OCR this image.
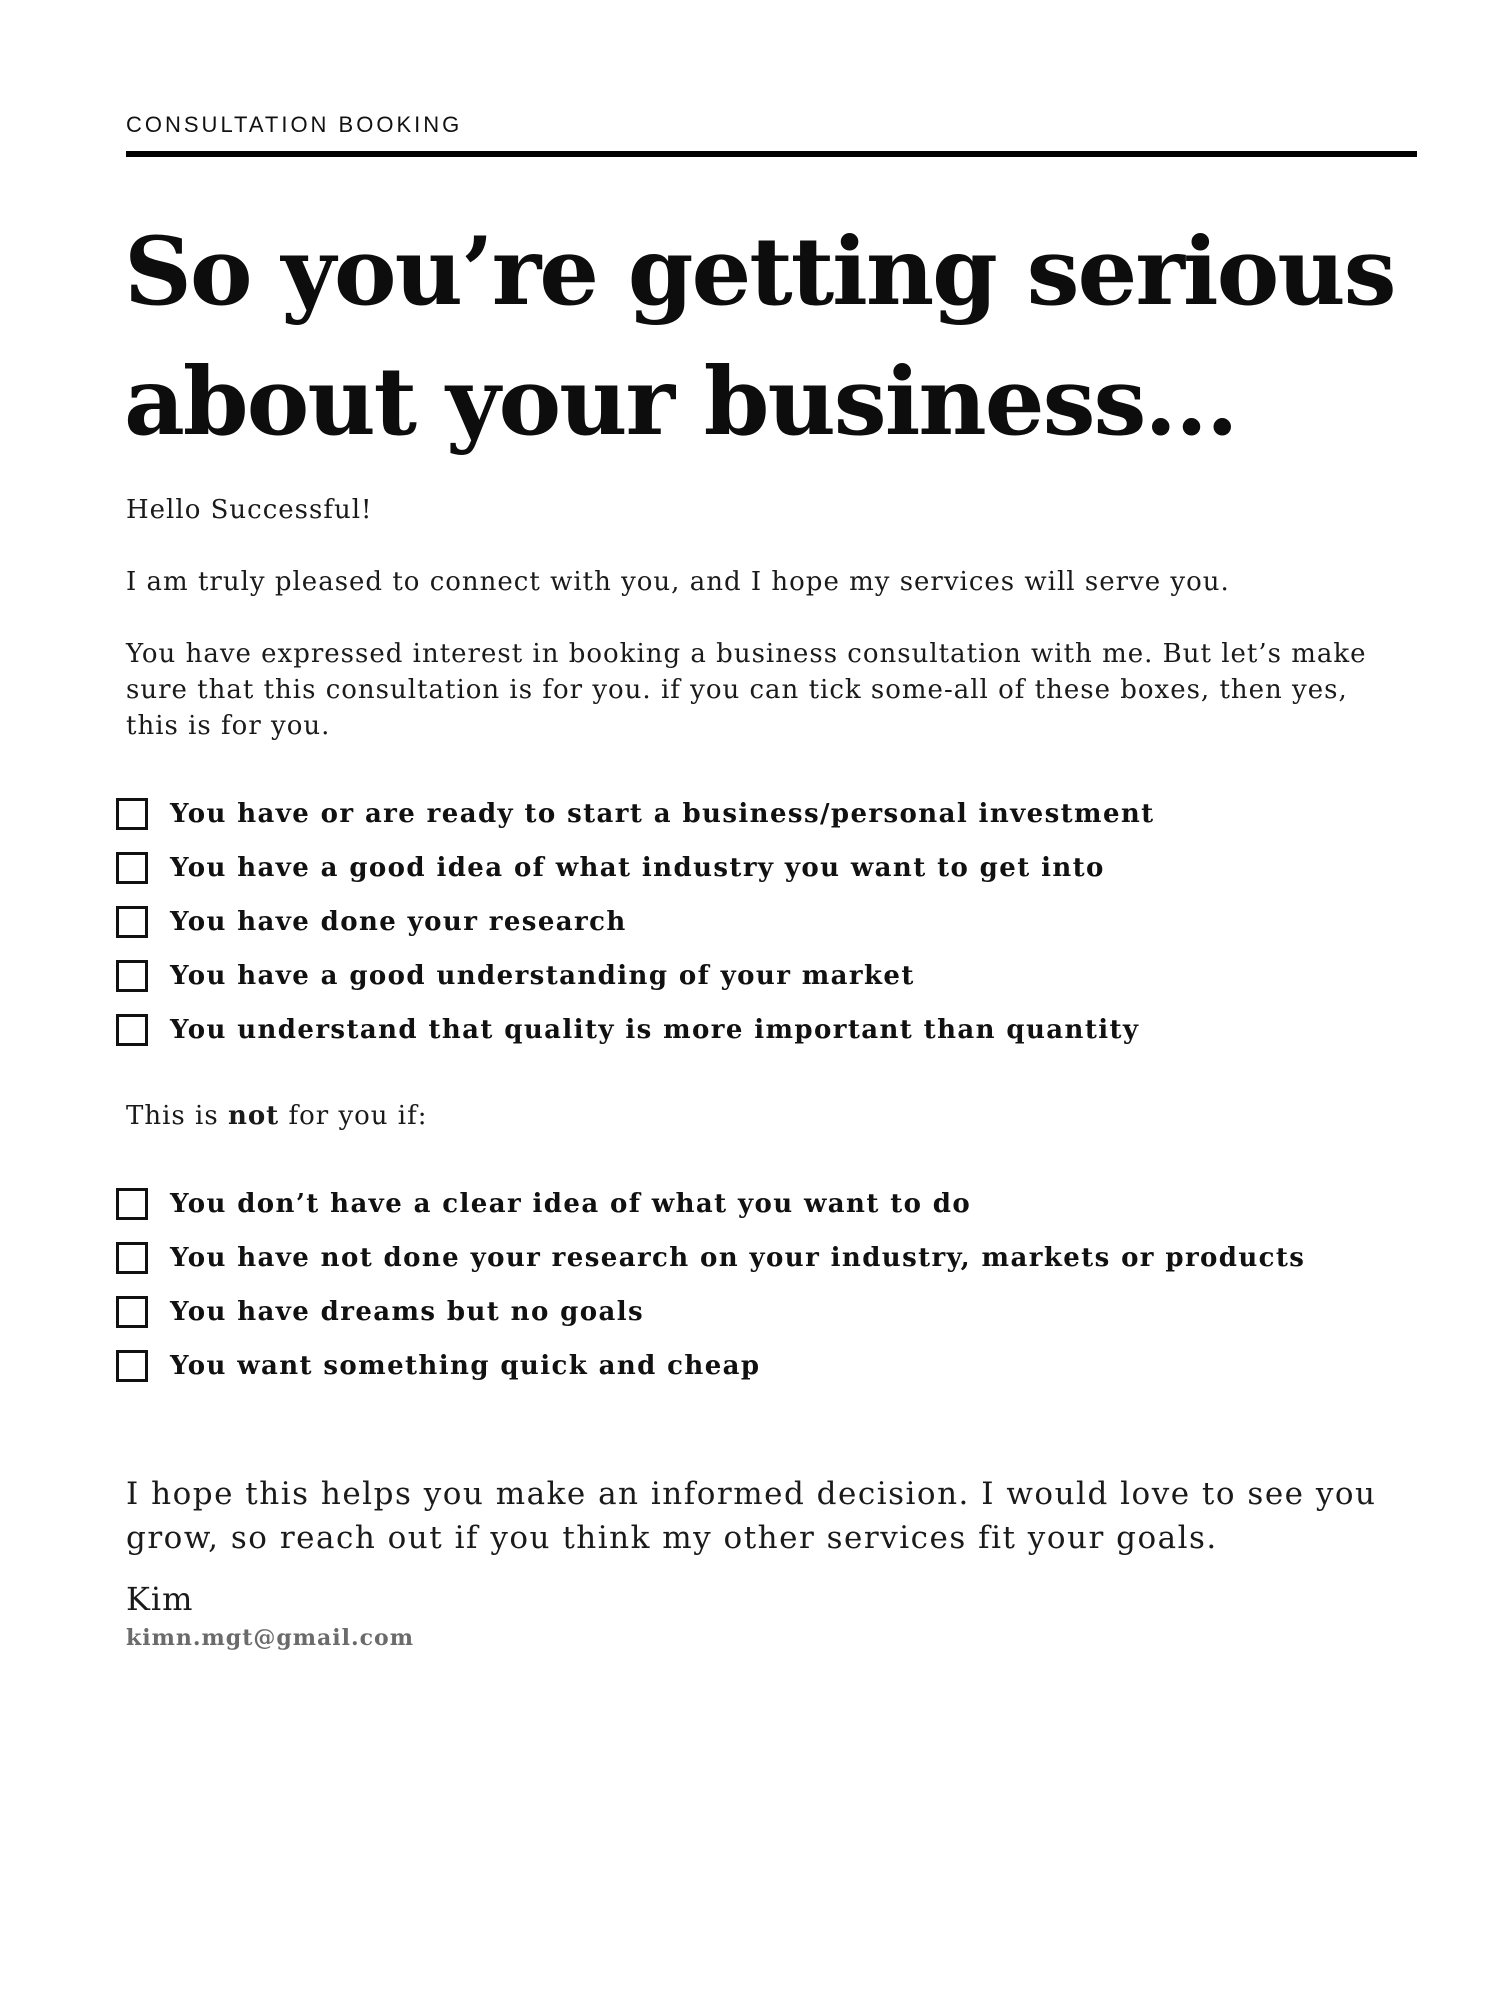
CONSULTATION BOOKING
So you’re getting serious
about your business...

Hello Successful!

I am truly pleased to connect with you, and I hope my services will serve you.

You have expressed interest in booking a business consultation with me. But let’s make sure that this consultation is for you. if you can tick some-all of these boxes, then yes, this is for you.

You have or are ready to start a business/personal investment
You have a good idea of what industry you want to get into
You have done your research
You have a good understanding of your market
You understand that quality is more important than quantity

This is not for you if:

You don’t have a clear idea of what you want to do
You have not done your research on your industry, markets or products
You have dreams but no goals
You want something quick and cheap

I hope this helps you make an informed decision. I would love to see you grow, so reach out if you think my other services fit your goals.

Kim
kimn.mgt@gmail.com
